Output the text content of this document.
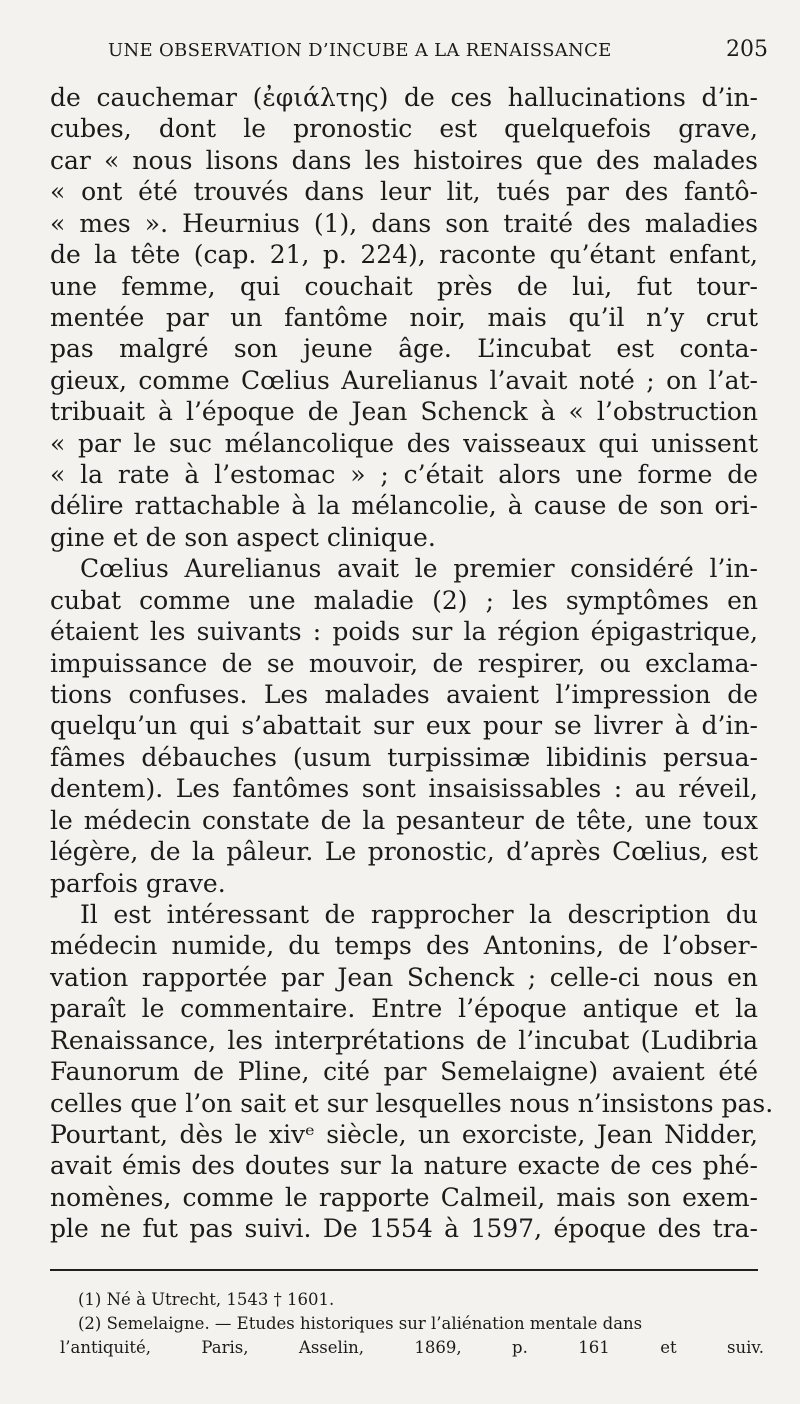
UNE OBSERVATION D’INCUBE A LA RENAISSANCE	205
de cauchemar (ἐφιάλτης) de ces hallucinations d’in-
cubes, dont le pronostic est quelquefois grave,
car « nous lisons dans les histoires que des malades
« ont été trouvés dans leur lit, tués par des fantô-
« mes ». Heurnius (1), dans son traité des maladies
de la tête (cap. 21, p. 224), raconte qu’étant enfant,
une femme, qui couchait près de lui, fut tour-
mentée par un fantôme noir, mais qu’il n’y crut
pas malgré son jeune âge. L’incubat est conta-
gieux, comme Cœlius Aurelianus l’avait noté ; on l’at-
tribuait à l’époque de Jean Schenck à « l’obstruction
« par le suc mélancolique des vaisseaux qui unissent
« la rate à l’estomac » ; c’était alors une forme de
délire rattachable à la mélancolie, à cause de son ori-
gine et de son aspect clinique.
Cœlius Aurelianus avait le premier considéré l’in-
cubat comme une maladie (2) ; les symptômes en
étaient les suivants : poids sur la région épigastrique,
impuissance de se mouvoir, de respirer, ou exclama-
tions confuses. Les malades avaient l’impression de
quelqu’un qui s’abattait sur eux pour se livrer à d’in-
fâmes débauches (usum turpissimæ libidinis persua-
dentem). Les fantômes sont insaisissables : au réveil,
le médecin constate de la pesanteur de tête, une toux
légère, de la pâleur. Le pronostic, d’après Cœlius, est
parfois grave.
Il est intéressant de rapprocher la description du
médecin numide, du temps des Antonins, de l’obser-
vation rapportée par Jean Schenck ; celle-ci nous en
paraît le commentaire. Entre l’époque antique et la
Renaissance, les interprétations de l’incubat (Ludibria
Faunorum de Pline, cité par Semelaigne) avaient été
celles que l’on sait et sur lesquelles nous n’insistons pas.
Pourtant, dès le xivᵉ siècle, un exorciste, Jean Nidder,
avait émis des doutes sur la nature exacte de ces phé-
nomènes, comme le rapporte Calmeil, mais son exem-
ple ne fut pas suivi. De 1554 à 1597, époque des tra-
(1) Né à Utrecht, 1543 † 1601.
(2) Semelaigne. — Etudes historiques sur l’aliénation mentale dans
l’antiquité, Paris, Asselin, 1869, p. 161 et suiv.
